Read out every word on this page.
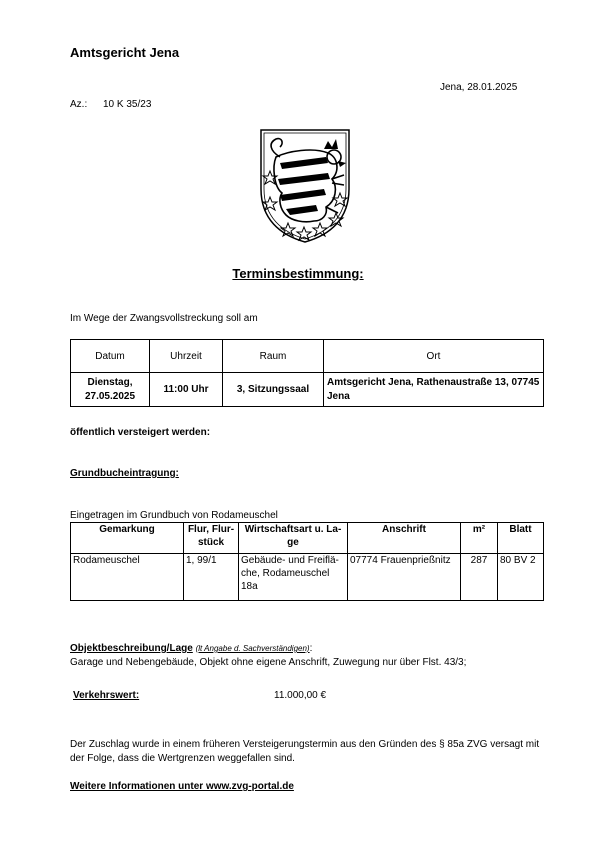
Amtsgericht Jena
Jena, 28.01.2025
Az.: 10 K 35/23
Terminsbestimmung:
Im Wege der Zwangsvollstreckung soll am
Datum	Uhrzeit	Raum	Ort
Dienstag, 27.05.2025	11:00 Uhr	3, Sitzungssaal	Amtsgericht Jena, Rathenaustraße 13, 07745 Jena
öffentlich versteigert werden:
Grundbucheintragung:
Eingetragen im Grundbuch von Rodameuschel
Gemarkung	Flur, Flur-stück	Wirtschaftsart u. La-ge	Anschrift	m²	Blatt
Rodameuschel	1, 99/1	Gebäude- und Freiflä-che, Rodameuschel 18a	07774 Frauenprießnitz	287	80 BV 2
Objektbeschreibung/Lage (lt Angabe d. Sachverständigen):
Garage und Nebengebäude, Objekt ohne eigene Anschrift, Zuwegung nur über Flst. 43/3;
Verkehrswert:	11.000,00 €
Der Zuschlag wurde in einem früheren Versteigerungstermin aus den Gründen des § 85a ZVG versagt mit der Folge, dass die Wertgrenzen weggefallen sind.
Weitere Informationen unter www.zvg-portal.de
